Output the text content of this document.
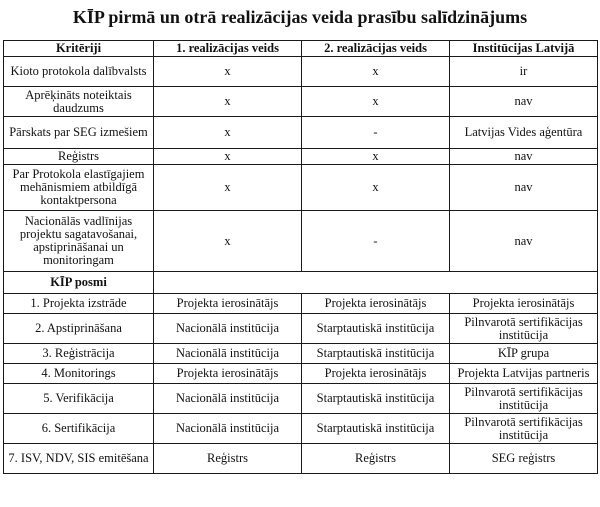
KĪP pirmā un otrā realizācijas veida prasību salīdzinājums
Kritēriji	1. realizācijas veids	2. realizācijas veids	Institūcijas Latvijā
Kioto protokola dalībvalsts	x	x	ir
Aprēķināts noteiktais daudzums	x	x	nav
Pārskats par SEG izmešiem	x	-	Latvijas Vides aģentūra
Reģistrs	x	x	nav
Par Protokola elastīgajiem mehānismiem atbildīgā kontaktpersona	x	x	nav
Nacionālās vadlīnijas projektu sagatavošanai, apstiprināšanai un monitoringam	x	-	nav
KĪP posmi			
1. Projekta izstrāde	Projekta ierosinātājs	Projekta ierosinātājs	Projekta ierosinātājs
2. Apstiprināšana	Nacionālā institūcija	Starptautiskā institūcija	Pilnvarotā sertifikācijas institūcija
3. Reģistrācija	Nacionālā institūcija	Starptautiskā institūcija	KĪP grupa
4. Monitorings	Projekta ierosinātājs	Projekta ierosinātājs	Projekta Latvijas partneris
5. Verifikācija	Nacionālā institūcija	Starptautiskā institūcija	Pilnvarotā sertifikācijas institūcija
6. Sertifikācija	Nacionālā institūcija	Starptautiskā institūcija	Pilnvarotā sertifikācijas institūcija
7. ISV, NDV, SIS emitēšana	Reģistrs	Reģistrs	SEG reģistrs
